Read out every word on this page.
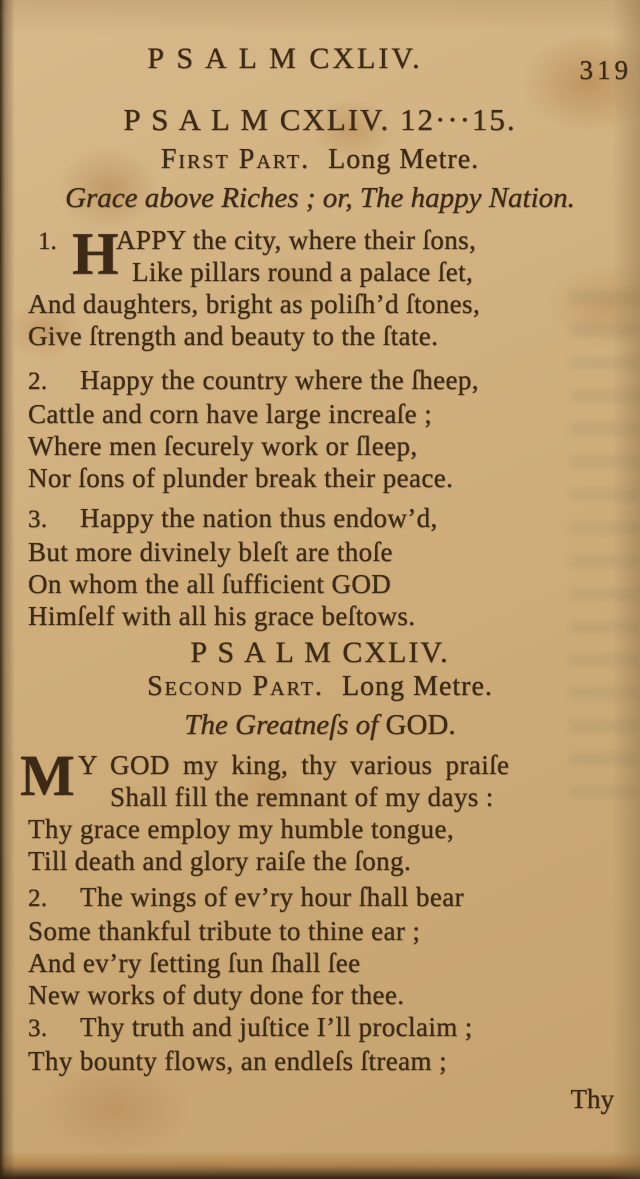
P S A L M CXLIV.	319
P S A L M CXLIV. 12···15.
First Part. Long Metre.
Grace above Riches ; or, The happy Nation.
1. H
APPY the city, where their ſons,
Like pillars round a palace ſet,
And daughters, bright as poliſh’d ſtones,
Give ſtrength and beauty to the ſtate.
2. Happy the country where the ſheep,
Cattle and corn have large increaſe ;
Where men ſecurely work or ſleep,
Nor ſons of plunder break their peace.
3. Happy the nation thus endow’d,
But more divinely bleſt are thoſe
On whom the all ſufficient GOD
Himſelf with all his grace beſtows.
P S A L M CXLIV.
Second Part. Long Metre.
The Greatneſs of GOD.
M Y GOD my king, thy various praiſe
Shall fill the remnant of my days :
Thy grace employ my humble tongue,
Till death and glory raiſe the ſong.
2. The wings of ev’ry hour ſhall bear
Some thankful tribute to thine ear ;
And ev’ry ſetting ſun ſhall ſee
New works of duty done for thee.
3. Thy truth and juſtice I’ll proclaim ;
Thy bounty flows, an endleſs ſtream ;
Thy
